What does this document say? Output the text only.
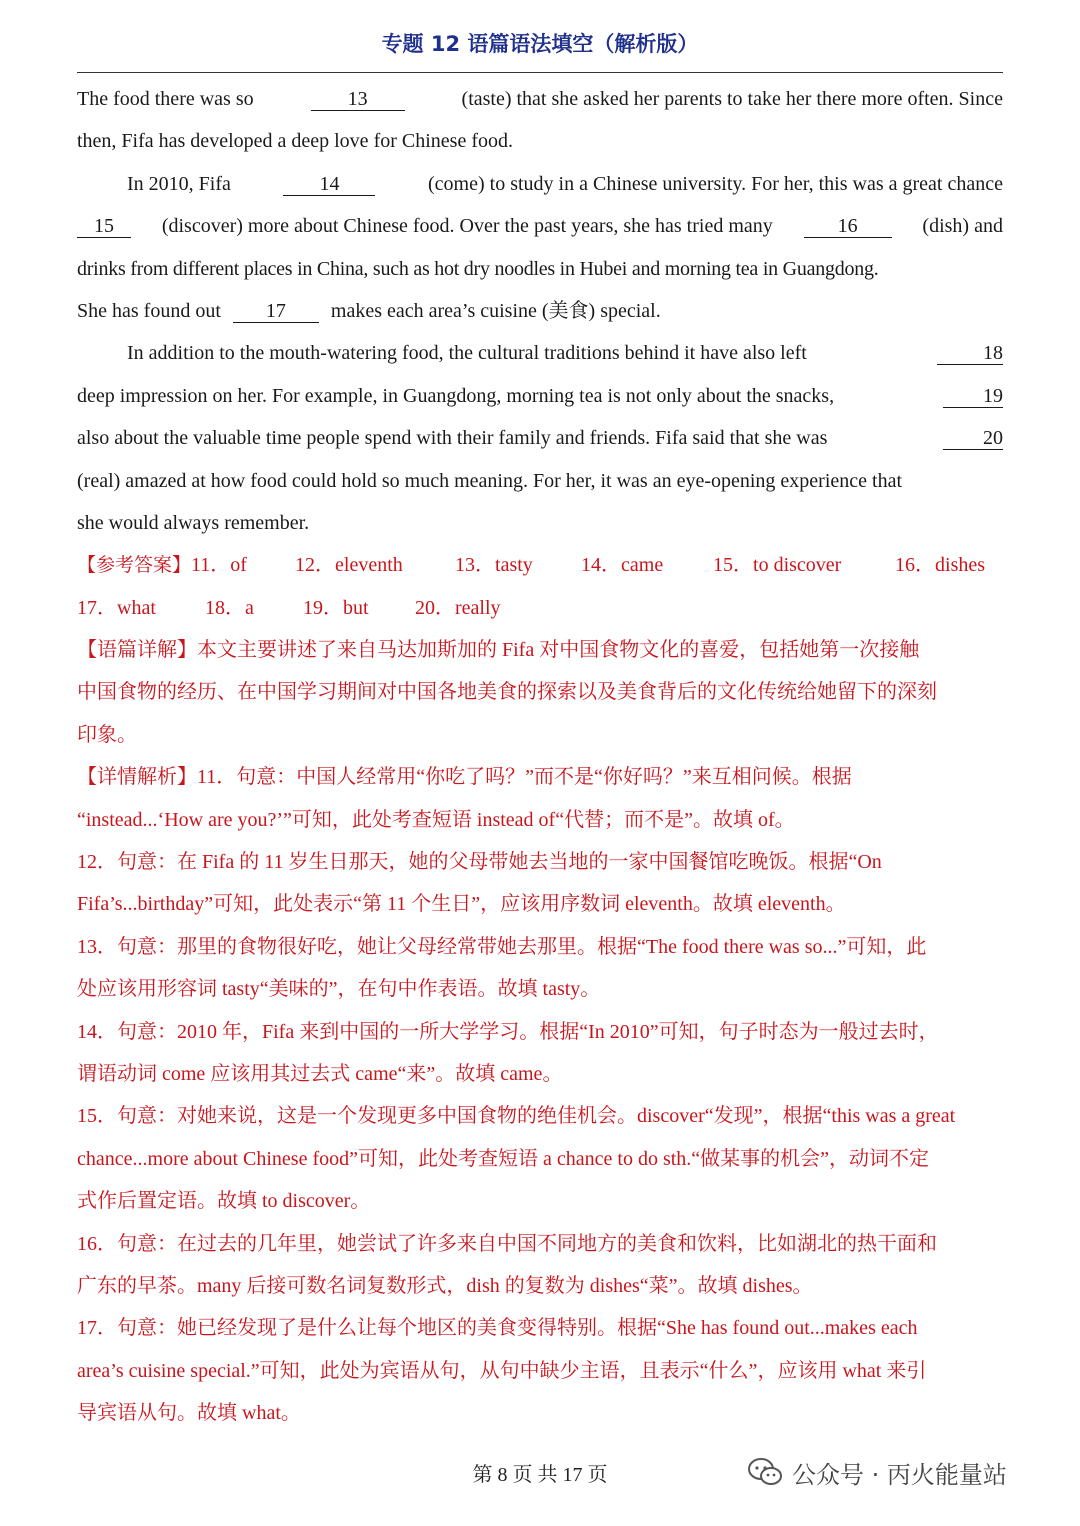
专题 12 语篇语法填空（解析版）
The food there was so	13	(taste) that she asked her parents to take her there more often. Since
then, Fifa has developed a deep love for Chinese food.
In 2010, Fifa	14	(come) to study in a Chinese university. For her, this was a great chance
15	(discover) more about Chinese food. Over the past years, she has tried many	16	(dish) and
drinks from different places in China, such as hot dry noodles in Hubei and morning tea in Guangdong.
She has found out	17	makes each area’s cuisine (美食) special.
In addition to the mouth-watering food, the cultural traditions behind it have also left	18
deep impression on her. For example, in Guangdong, morning tea is not only about the snacks,	19
also about the valuable time people spend with their family and friends. Fifa said that she was	20
(real) amazed at how food could hold so much meaning. For her, it was an eye-opening experience that
she would always remember.
【参考答案】 11．of	12．eleventh	13．tasty	14．came	15．to discover	16．dishes
17．what	18．a	19．but	20．really
【语篇详解】本文主要讲述了来自马达加斯加的 Fifa 对中国食物文化的喜爱，包括她第一次接触
中国食物的经历、在中国学习期间对中国各地美食的探索以及美食背后的文化传统给她留下的深刻
印象。
【详情解析】11．句意：中国人经常用“你吃了吗？”而不是“你好吗？”来互相问候。根据
“instead...‘How are you?’”可知，此处考查短语 instead of“代替；而不是”。故填 of。
12．句意：在 Fifa 的 11 岁生日那天，她的父母带她去当地的一家中国餐馆吃晚饭。根据“On
Fifa’s...birthday”可知，此处表示“第 11 个生日”，应该用序数词 eleventh。故填 eleventh。
13．句意：那里的食物很好吃，她让父母经常带她去那里。根据“The food there was so...”可知，此
处应该用形容词 tasty“美味的”，在句中作表语。故填 tasty。
14．句意：2010 年，Fifa 来到中国的一所大学学习。根据“In 2010”可知，句子时态为一般过去时，
谓语动词 come 应该用其过去式 came“来”。故填 came。
15．句意：对她来说，这是一个发现更多中国食物的绝佳机会。discover“发现”，根据“this was a great
chance...more about Chinese food”可知，此处考查短语 a chance to do sth.“做某事的机会”，动词不定
式作后置定语。故填 to discover。
16．句意：在过去的几年里，她尝试了许多来自中国不同地方的美食和饮料，比如湖北的热干面和
广东的早茶。many 后接可数名词复数形式，dish 的复数为 dishes“菜”。故填 dishes。
17．句意：她已经发现了是什么让每个地区的美食变得特别。根据“She has found out...makes each
area’s cuisine special.”可知，此处为宾语从句，从句中缺少主语，且表示“什么”，应该用 what 来引
导宾语从句。故填 what。
第 8 页 共 17 页	公众号 · 丙火能量站
